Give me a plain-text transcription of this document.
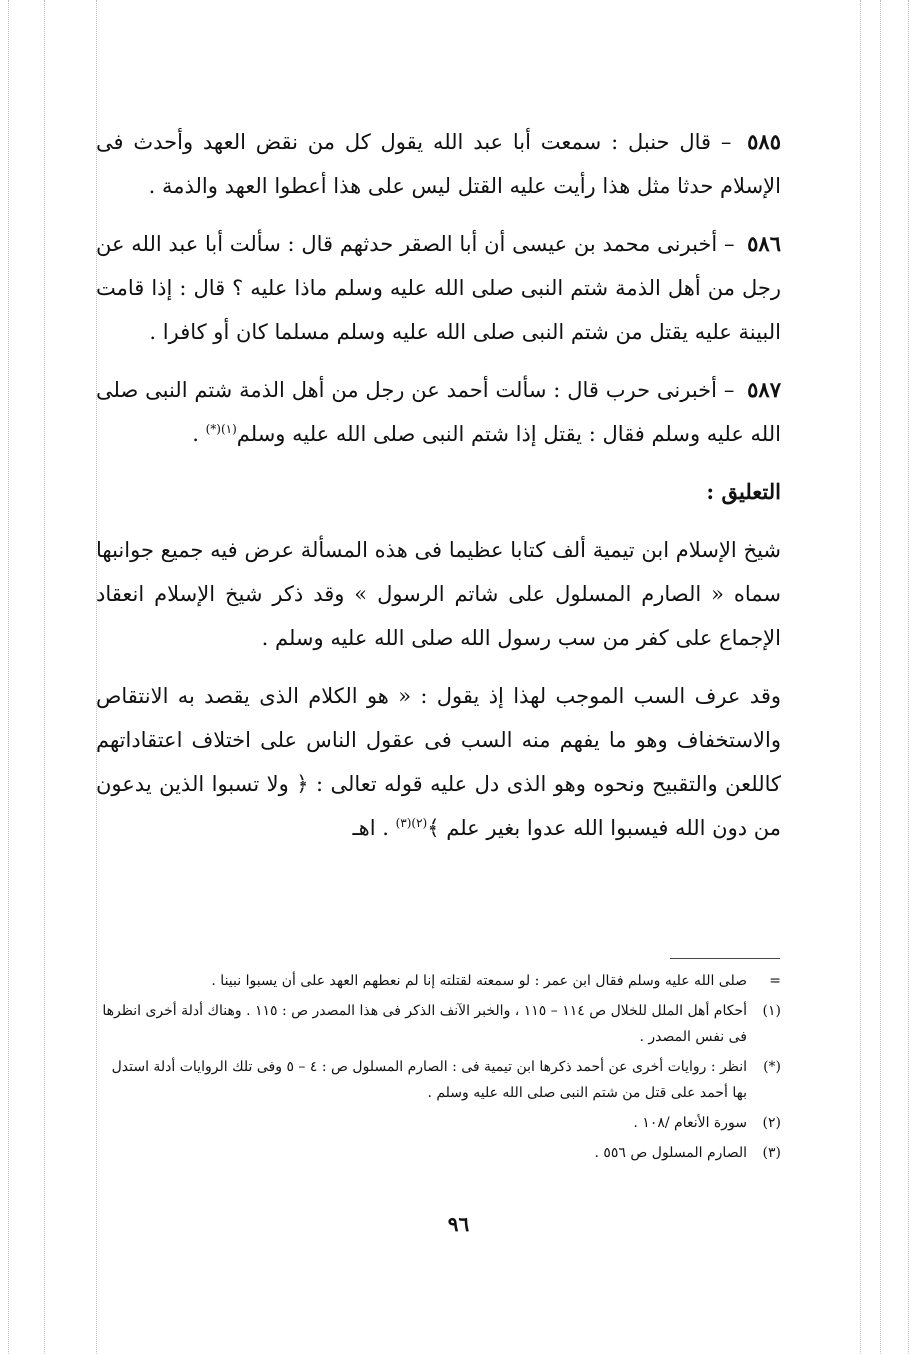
٥٨٥ – قال حنبل : سمعت أبا عبد الله يقول كل من نقض العهد وأحدث فى الإسلام حدثا مثل هذا رأيت عليه القتل ليس على هذا أعطوا العهد والذمة .

٥٨٦ – أخبرنى محمد بن عيسى أن أبا الصقر حدثهم قال : سألت أبا عبد الله عن رجل من أهل الذمة شتم النبى صلى الله عليه وسلم ماذا عليه ؟ قال : إذا قامت البينة عليه يقتل من شتم النبى صلى الله عليه وسلم مسلما كان أو كافرا .

٥٨٧ – أخبرنى حرب قال : سألت أحمد عن رجل من أهل الذمة شتم النبى صلى الله عليه وسلم فقال : يقتل إذا شتم النبى صلى الله عليه وسلم$^{(١)(*)}$ .

التعليق :

شيخ الإسلام ابن تيمية ألف كتابا عظيما فى هذه المسألة عرض فيه جميع جوانبها سماه « الصارم المسلول على شاتم الرسول » وقد ذكر شيخ الإسلام انعقاد الإجماع على كفر من سب رسول الله صلى الله عليه وسلم .

وقد عرف السب الموجب لهذا إذ يقول : « هو الكلام الذى يقصد به الانتقاص والاستخفاف وهو ما يفهم منه السب فى عقول الناس على اختلاف اعتقاداتهم كاللعن والتقبيح ونحوه وهو الذى دل عليه قوله تعالى : ﴿ ولا تسبوا الذين يدعون من دون الله فيسبوا الله عدوا بغير علم ﴾$^{(٢)(٣)}$ . اهـ

=
صلى الله عليه وسلم فقال ابن عمر : لو سمعته لقتلته إنا لم نعطهم العهد على أن يسبوا نبينا .
(١)
أحكام أهل الملل للخلال ص ١١٤ – ١١٥ ، والخبر الآنف الذكر فى هذا المصدر ص : ١١٥ . وهناك أدلة أخرى انظرها فى نفس المصدر .
(*)
انظر : روايات أخرى عن أحمد ذكرها ابن تيمية فى : الصارم المسلول ص : ٤ – ٥ وفى تلك الروايات أدلة استدل بها أحمد على قتل من شتم النبى صلى الله عليه وسلم .
(٢)
سورة الأنعام /١٠٨ .
(٣)
الصارم المسلول ص ٥٥٦ .
٩٦
